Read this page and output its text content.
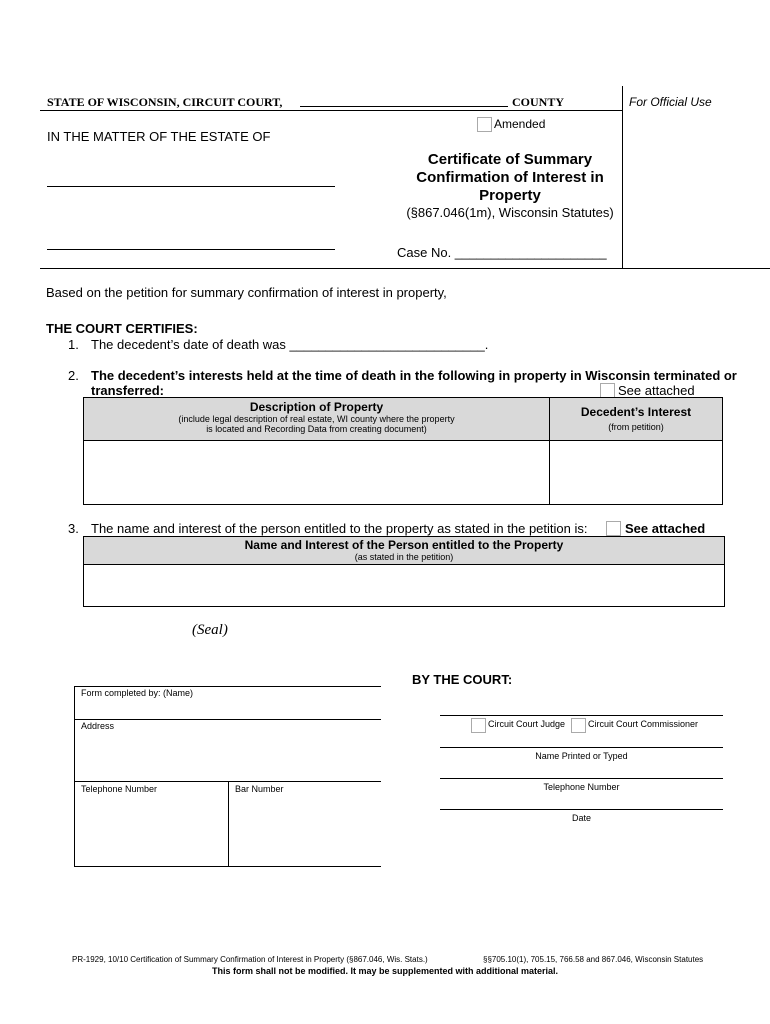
STATE OF WISCONSIN, CIRCUIT COURT,	COUNTY	For Official Use
Amended
IN THE MATTER OF THE ESTATE OF
Certificate of Summary
Confirmation of Interest in
Property
(§867.046(1m), Wisconsin Statutes)
Case No. _____________________
Based on the petition for summary confirmation of interest in property,
THE COURT CERTIFIES:
1. The decedent’s date of death was ___________________________.
2. The decedent’s interests held at the time of death in the following in property in Wisconsin terminated or
transferred:	See attached
Description of Property
(include legal description of real estate, WI county where the property
is located and Recording Data from creating document)
Decedent’s Interest
(from petition)
3. The name and interest of the person entitled to the property as stated in the petition is:	See attached
Name and Interest of the Person entitled to the Property
(as stated in the petition)
(Seal)
Form completed by: (Name)
Address
Telephone Number	Bar Number
BY THE COURT:
Circuit Court Judge	Circuit Court Commissioner
Name Printed or Typed
Telephone Number
Date
PR-1929, 10/10 Certification of Summary Confirmation of Interest in Property (§867.046, Wis. Stats.)	§§705.10(1), 705.15, 766.58 and 867.046, Wisconsin Statutes
This form shall not be modified. It may be supplemented with additional material.
